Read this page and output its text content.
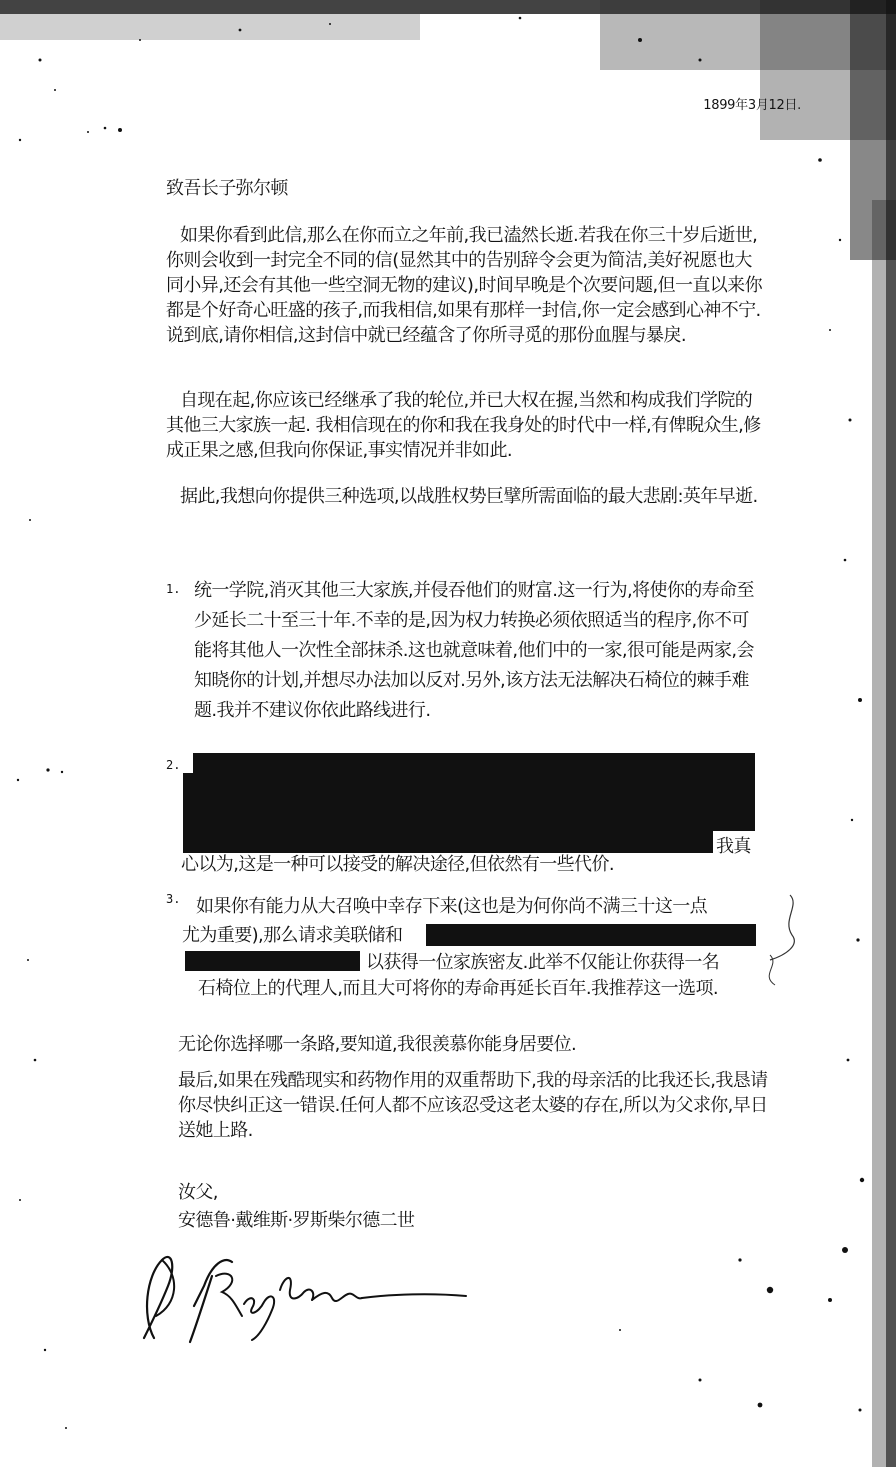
1899年3月12日.
致吾长子弥尔顿
如果你看到此信,那么在你而立之年前,我已溘然长逝.若我在你三十岁后逝世,你则会收到一封完全不同的信(显然其中的告别辞令会更为简洁,美好祝愿也大同小异,还会有其他一些空洞无物的建议),时间早晚是个次要问题,但一直以来你都是个好奇心旺盛的孩子,而我相信,如果有那样一封信,你一定会感到心神不宁.说到底,请你相信,这封信中就已经蕴含了你所寻觅的那份血腥与暴戾.
自现在起,你应该已经继承了我的轮位,并已大权在握,当然和构成我们学院的其他三大家族一起. 我相信现在的你和我在我身处的时代中一样,有俾睨众生,修成正果之感,但我向你保证,事实情况并非如此.
据此,我想向你提供三种选项,以战胜权势巨擘所需面临的最大悲剧:英年早逝.
1. 统一学院,消灭其他三大家族,并侵吞他们的财富.这一行为,将使你的寿命至少延长二十至三十年.不幸的是,因为权力转换必须依照适当的程序,你不可能将其他人一次性全部抹杀.这也就意味着,他们中的一家,很可能是两家,会知晓你的计划,并想尽办法加以反对.另外,该方法无法解决石椅位的棘手难题.我并不建议你依此路线进行.
2.
我真
心以为,这是一种可以接受的解决途径,但依然有一些代价.
3. 如果你有能力从大召唤中幸存下来(这也是为何你尚不满三十这一点
尤为重要),那么请求美联储和
以获得一位家族密友.此举不仅能让你获得一名
石椅位上的代理人,而且大可将你的寿命再延长百年.我推荐这一选项.
无论你选择哪一条路,要知道,我很羡慕你能身居要位.
最后,如果在残酷现实和药物作用的双重帮助下,我的母亲活的比我还长,我恳请你尽快纠正这一错误.任何人都不应该忍受这老太婆的存在,所以为父求你,早日送她上路.
汝父,
安德鲁·戴维斯·罗斯柴尔德二世
